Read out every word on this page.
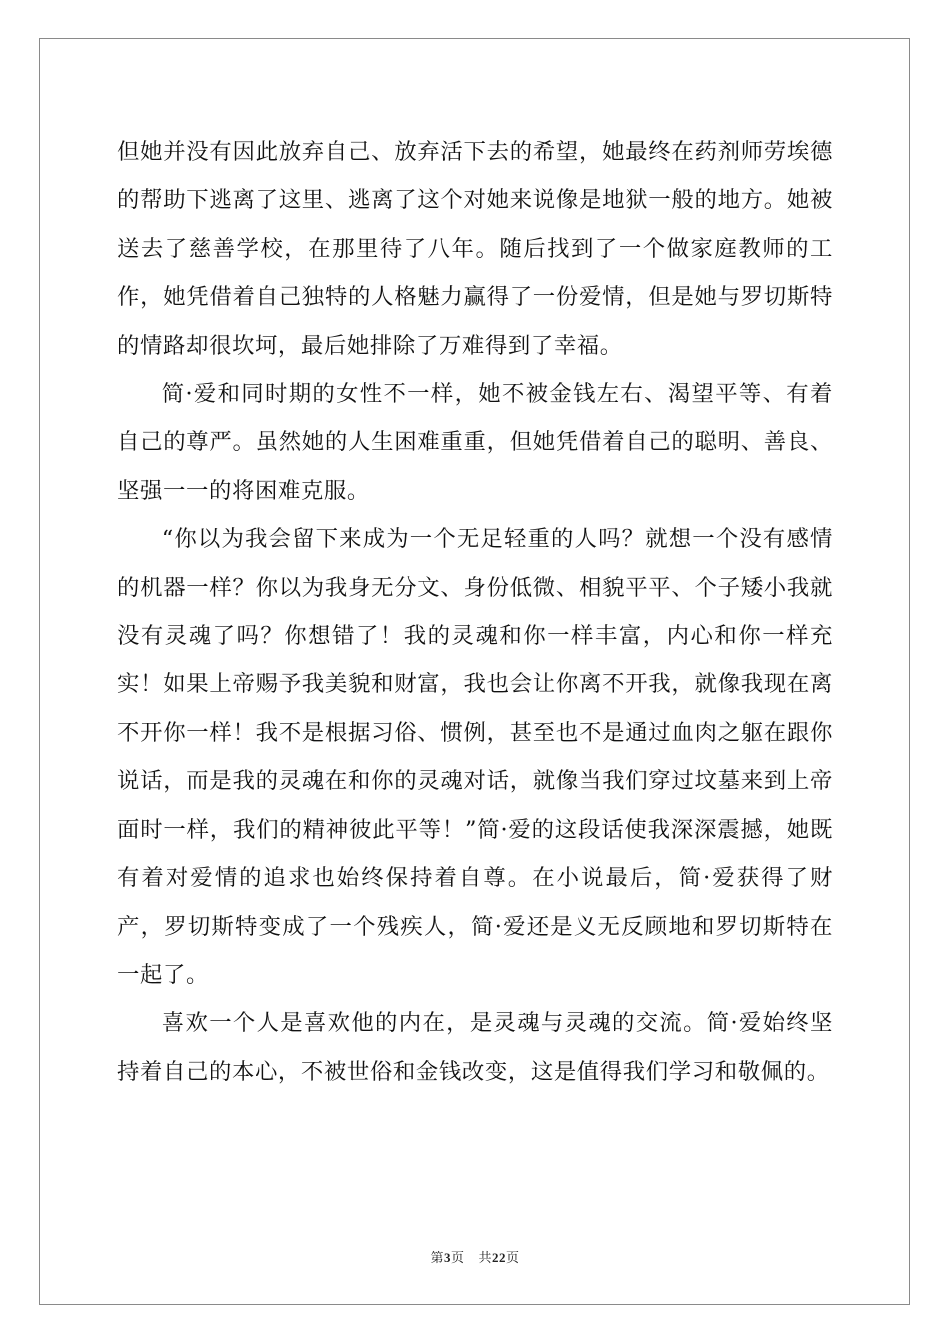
但她并没有因此放弃自己、放弃活下去的希望，她最终在药剂师劳埃德的帮助下逃离了这里、逃离了这个对她来说像是地狱一般的地方。她被送去了慈善学校，在那里待了八年。随后找到了一个做家庭教师的工作，她凭借着自己独特的人格魅力赢得了一份爱情，但是她与罗切斯特的情路却很坎坷，最后她排除了万难得到了幸福。

简·爱和同时期的女性不一样，她不被金钱左右、渴望平等、有着自己的尊严。虽然她的人生困难重重，但她凭借着自己的聪明、善良、坚强一一的将困难克服。

“你以为我会留下来成为一个无足轻重的人吗？就想一个没有感情的机器一样？你以为我身无分文、身份低微、相貌平平、个子矮小我就没有灵魂了吗？你想错了！我的灵魂和你一样丰富，内心和你一样充实！如果上帝赐予我美貌和财富，我也会让你离不开我，就像我现在离不开你一样！我不是根据习俗、惯例，甚至也不是通过血肉之躯在跟你说话，而是我的灵魂在和你的灵魂对话，就像当我们穿过坟墓来到上帝面时一样，我们的精神彼此平等！”简·爱的这段话使我深深震撼，她既有着对爱情的追求也始终保持着自尊。在小说最后，简·爱获得了财产，罗切斯特变成了一个残疾人，简·爱还是义无反顾地和罗切斯特在一起了。

喜欢一个人是喜欢他的内在，是灵魂与灵魂的交流。简·爱始终坚持着自己的本心，不被世俗和金钱改变，这是值得我们学习和敬佩的。

第3页 共22页
